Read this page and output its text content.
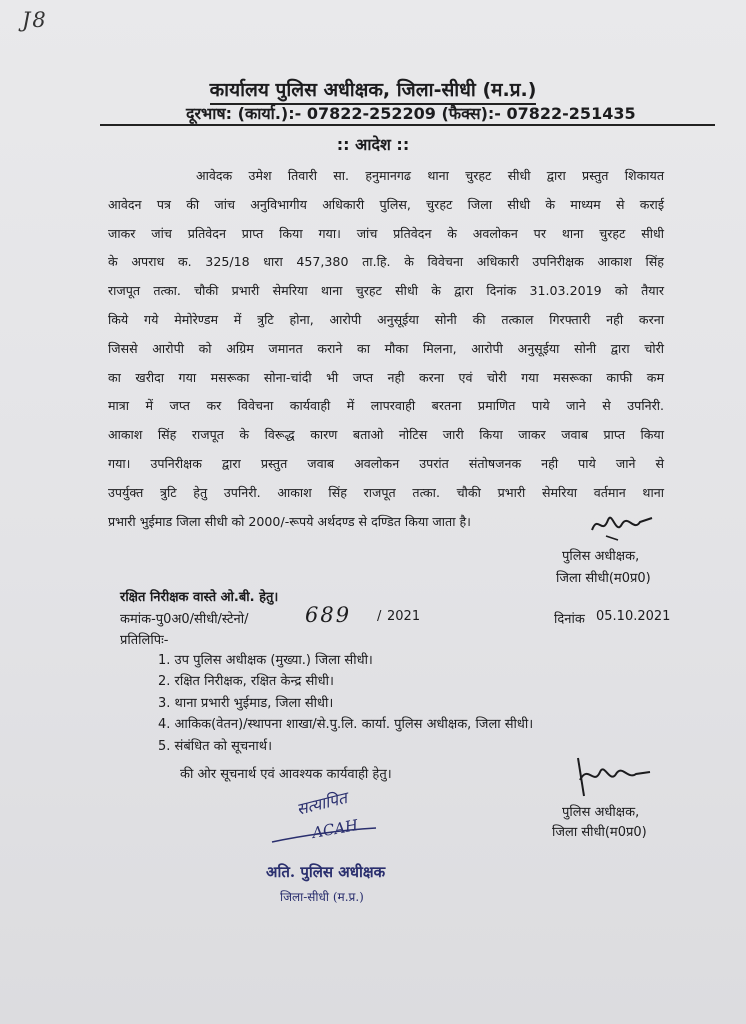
J8
कार्यालय पुलिस अधीक्षक, जिला-सीधी (म.प्र.)
दूरभाष: (कार्या.):- 07822-252209 (फैक्स):- 07822-251435
:: आदेश ::
आवेदक उमेश तिवारी सा. हनुमानगढ थाना चुरहट सीधी द्वारा प्रस्तुत शिकायत
आवेदन पत्र की जांच अनुविभागीय अधिकारी पुलिस, चुरहट जिला सीधी के माध्यम से कराई
जाकर जांच प्रतिवेदन प्राप्त किया गया। जांच प्रतिवेदन के अवलोकन पर थाना चुरहट सीधी
के अपराध क. 325/18 धारा 457,380 ता.हि. के विवेचना अधिकारी उपनिरीक्षक आकाश सिंह
राजपूत तत्का. चौकी प्रभारी सेमरिया थाना चुरहट सीधी के द्वारा दिनांक 31.03.2019 को तैयार
किये गये मेमोरेण्डम में त्रुटि होना, आरोपी अनुसूईया सोनी की तत्काल गिरफ्तारी नही करना
जिससे आरोपी को अग्रिम जमानत कराने का मौका मिलना, आरोपी अनुसूईया सोनी द्वारा चोरी
का खरीदा गया मसरूका सोना-चांदी भी जप्त नही करना एवं चोरी गया मसरूका काफी कम
मात्रा में जप्त कर विवेचना कार्यवाही में लापरवाही बरतना प्रमाणित पाये जाने से उपनिरी.
आकाश सिंह राजपूत के विरूद्ध कारण बताओ नोटिस जारी किया जाकर जवाब प्राप्त किया
गया। उपनिरीक्षक द्वारा प्रस्तुत जवाब अवलोकन उपरांत संतोषजनक नही पाये जाने से
उपर्युक्त त्रुटि हेतु उपनिरी. आकाश सिंह राजपूत तत्का. चौकी प्रभारी सेमरिया वर्तमान थाना
प्रभारी भुईमाड जिला सीधी को 2000/-रूपये अर्थदण्ड से दण्डित किया जाता है।
पुलिस अधीक्षक,
जिला सीधी(म0प्र0)
रक्षित निरीक्षक वास्ते ओ.बी. हेतु।
कमांक-पु0अ0/सीधी/स्टेनो/	689 / 2021	दिनांक 05.10.2021
प्रतिलिपिः-
1. उप पुलिस अधीक्षक (मुख्या.) जिला सीधी।
2. रक्षित निरीक्षक, रक्षित केन्द्र सीधी।
3. थाना प्रभारी भुईमाड, जिला सीधी।
4. आकिक(वेतन)/स्थापना शाखा/से.पु.लि. कार्या. पुलिस अधीक्षक, जिला सीधी।
5. संबंधित को सूचनार्थ।
की ओर सूचनार्थ एवं आवश्यक कार्यवाही हेतु।
पुलिस अधीक्षक,
जिला सीधी(म0प्र0)
सत्यापित
ACAH
अति. पुलिस अधीक्षक
जिला-सीधी (म.प्र.)
